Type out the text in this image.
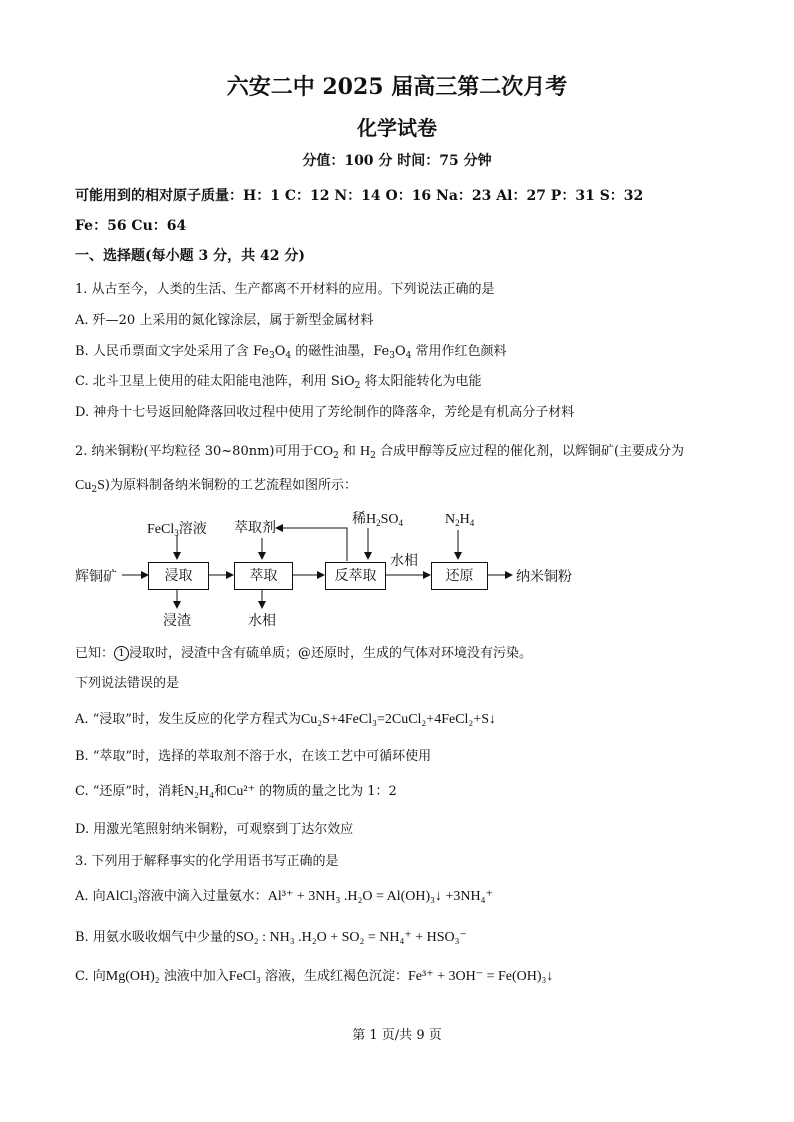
六安二中 2025 届高三第二次月考
化学试卷
分值：100 分 时间：75 分钟
可能用到的相对原子质量：H：1 C：12 N：14 O：16 Na：23 Al：27 P：31 S：32
Fe：56 Cu：64
一、选择题(每小题 3 分，共 42 分)
1. 从古至今，人类的生活、生产都离不开材料的应用。下列说法正确的是
A. 歼—20 上采用的氮化镓涂层，属于新型金属材料
B. 人民币票面文字处采用了含 $Fe_3O_4$ 的磁性油墨，$Fe_3O_4$ 常用作红色颜料
C. 北斗卫星上使用的硅太阳能电池阵，利用 SiO$_2$ 将太阳能转化为电能
D. 神舟十七号返回舱降落回收过程中使用了芳纶制作的降落伞，芳纶是有机高分子材料
2. 纳米铜粉(平均粒径 30~80nm)可用于$CO_2$ 和 $H_2$ 合成甲醇等反应过程的催化剂，以辉铜矿(主要成分为
$Cu_2S$)为原料制备纳米铜粉的工艺流程如图所示：
辉铜矿	浸取	萃取	反萃取	还原	纳米铜粉
FeCl$_3$溶液 萃取剂
稀$H_2SO_4$	$N_2H_4$
水相
浸渣	水相
已知： 1 浸取时，浸渣中含有硫单质；@还原时，生成的气体对环境没有污染。
下列说法错误的是
A. “浸取”时，发生反应的化学方程式为Cu₂S+4FeCl₃=2CuCl₂+4FeCl₂+S↓
B. “萃取”时，选择的萃取剂不溶于水，在该工艺中可循环使用
C. “还原”时，消耗N₂H₄和Cu²⁺ 的物质的量之比为 1：2
D. 用激光笔照射纳米铜粉，可观察到丁达尔效应
3. 下列用于解释事实的化学用语书写正确的是
A. 向AlCl₃溶液中滴入过量氨水：Al³⁺ + 3NH₃ .H₂O = Al(OH)₃↓ +3NH₄⁺
B. 用氨水吸收烟气中少量的SO₂ : NH₃ .H₂O + SO₂ = NH₄⁺ + HSO₃⁻
C. 向Mg(OH)₂ 浊液中加入FeCl₃ 溶液，生成红褐色沉淀：Fe³⁺ + 3OH⁻ = Fe(OH)₃↓
第 1 页/共 9 页
